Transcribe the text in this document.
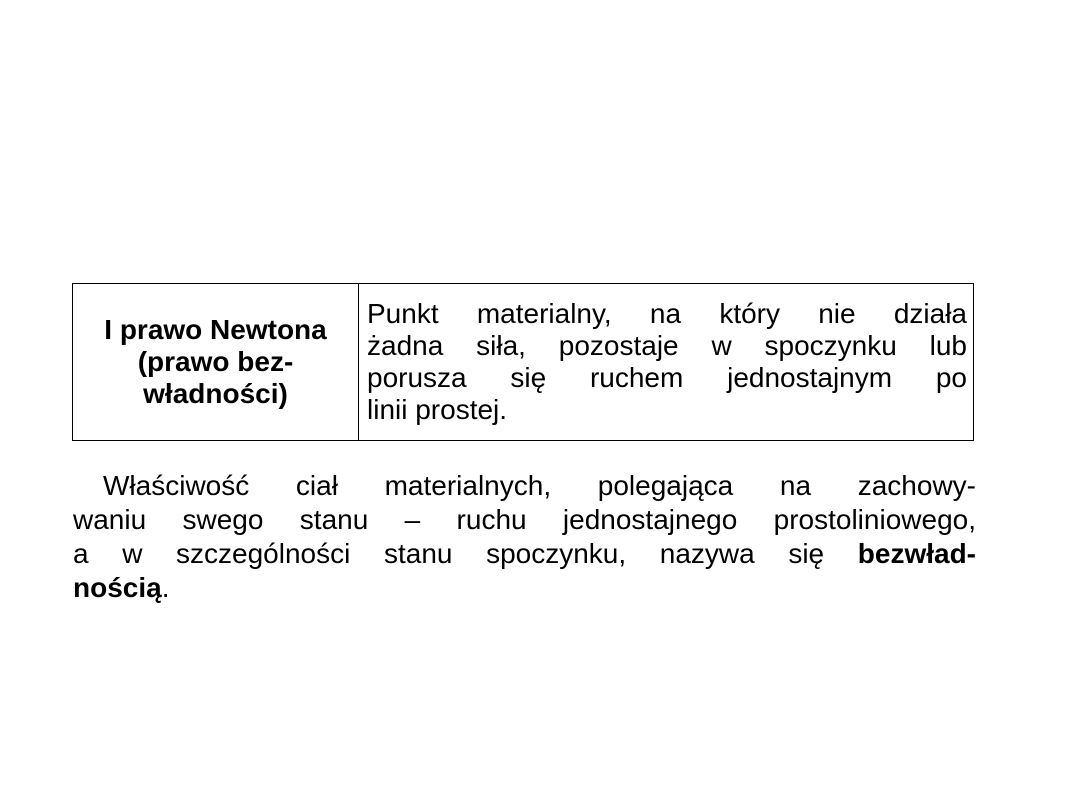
I prawo Newtona
(prawo bez-
władności)

Punkt materialny, na który nie działa
żadna siła, pozostaje w spoczynku lub
porusza się ruchem jednostajnym po
linii prostej.

Właściwość ciał materialnych, polegająca na zachowy-
waniu swego stanu – ruchu jednostajnego prostoliniowego,
a w szczególności stanu spoczynku, nazywa się bezwład-
nością.
